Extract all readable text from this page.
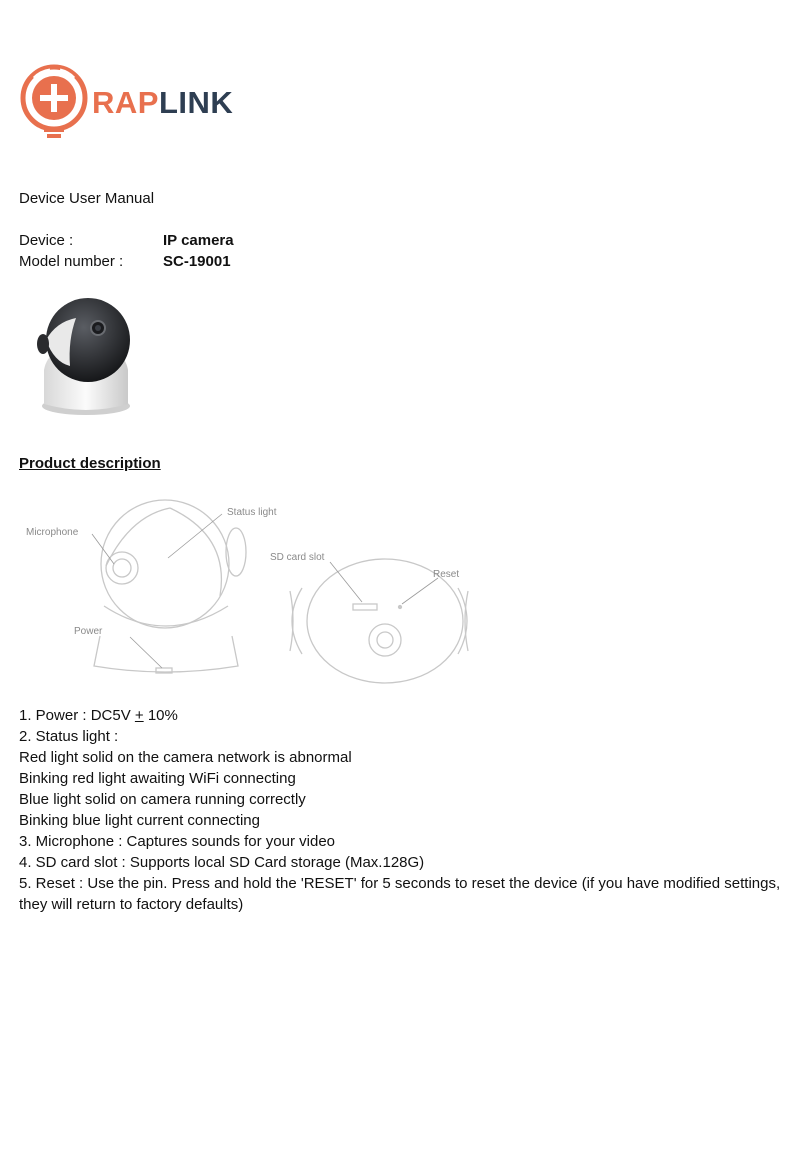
RAPLINK
Device User Manual
Device :	IP camera
Model number :	SC-19001
Product description
Status light
Microphone
SD card slot
Reset
Power
1. Power : DC5V + 10%
2. Status light :
Red light solid on the camera network is abnormal
Binking red light awaiting WiFi connecting
Blue light solid on camera running correctly
Binking blue light current connecting
3. Microphone : Captures sounds for your video
4. SD card slot : Supports local SD Card storage (Max.128G)
5. Reset : Use the pin. Press and hold the 'RESET' for 5 seconds to reset the device (if you have modified settings, they will return to factory defaults)
